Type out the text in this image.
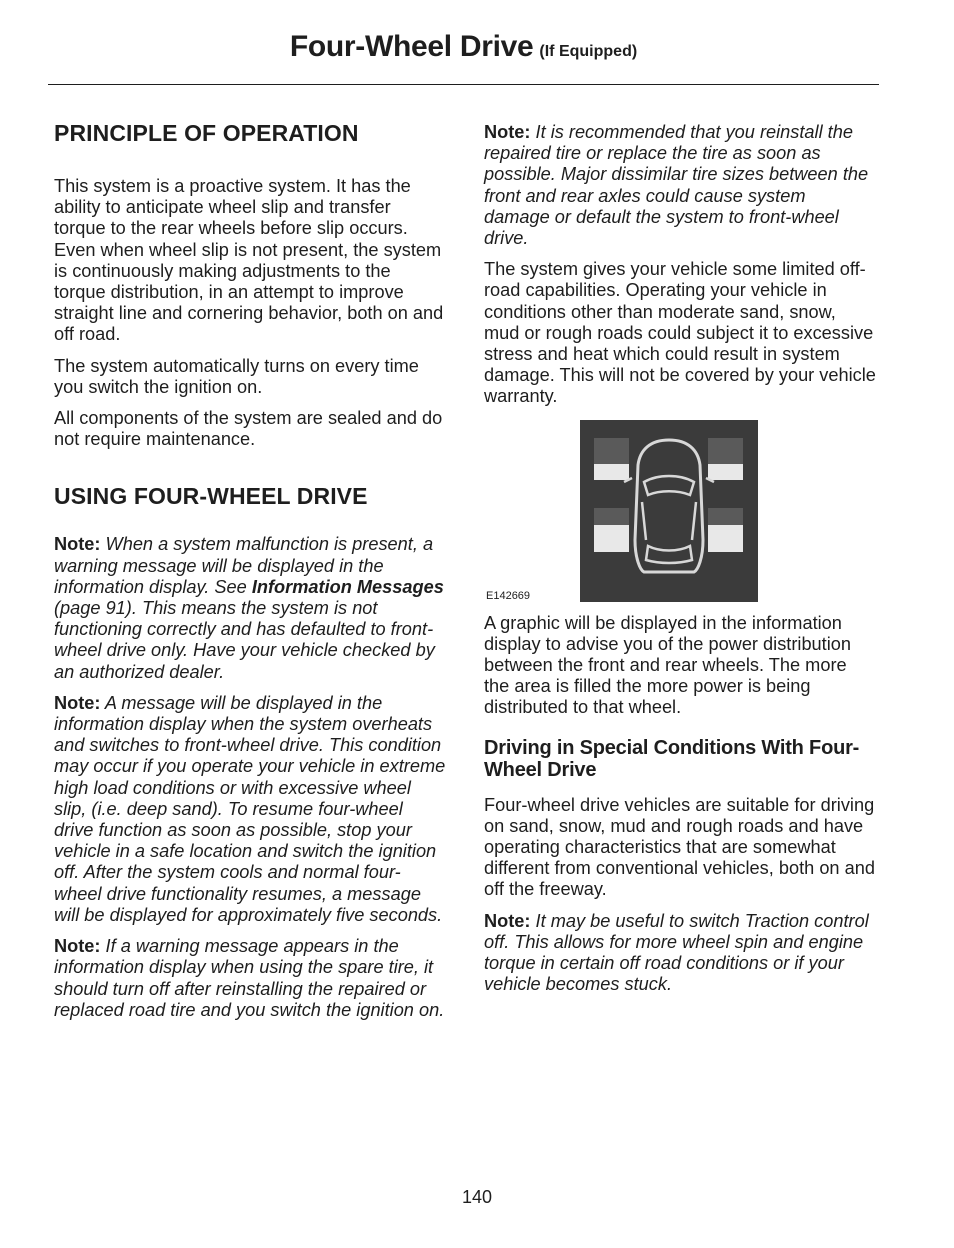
Four-Wheel Drive (If Equipped)
PRINCIPLE OF OPERATION

This system is a proactive system. It has the ability to anticipate wheel slip and transfer torque to the rear wheels before slip occurs. Even when wheel slip is not present, the system is continuously making adjustments to the torque distribution, in an attempt to improve straight line and cornering behavior, both on and off road.

The system automatically turns on every time you switch the ignition on.

All components of the system are sealed and do not require maintenance.

USING FOUR-WHEEL DRIVE

Note: When a system malfunction is present, a warning message will be displayed in the information display. See Information Messages (page 91). This means the system is not functioning correctly and has defaulted to front-wheel drive only. Have your vehicle checked by an authorized dealer.

Note: A message will be displayed in the information display when the system overheats and switches to front-wheel drive. This condition may occur if you operate your vehicle in extreme high load conditions or with excessive wheel slip, (i.e. deep sand). To resume four-wheel drive function as soon as possible, stop your vehicle in a safe location and switch the ignition off. After the system cools and normal four-wheel drive functionality resumes, a message will be displayed for approximately five seconds.

Note: If a warning message appears in the information display when using the spare tire, it should turn off after reinstalling the repaired or replaced road tire and you switch the ignition on.

Note: It is recommended that you reinstall the repaired tire or replace the tire as soon as possible. Major dissimilar tire sizes between the front and rear axles could cause system damage or default the system to front-wheel drive.

The system gives your vehicle some limited off-road capabilities. Operating your vehicle in conditions other than moderate sand, snow, mud or rough roads could subject it to excessive stress and heat which could result in system damage. This will not be covered by your vehicle warranty.

E142669

A graphic will be displayed in the information display to advise you of the power distribution between the front and rear wheels. The more the area is filled the more power is being distributed to that wheel.

Driving in Special Conditions With Four-Wheel Drive

Four-wheel drive vehicles are suitable for driving on sand, snow, mud and rough roads and have operating characteristics that are somewhat different from conventional vehicles, both on and off the freeway.

Note: It may be useful to switch Traction control off. This allows for more wheel spin and engine torque in certain off road conditions or if your vehicle becomes stuck.

140
